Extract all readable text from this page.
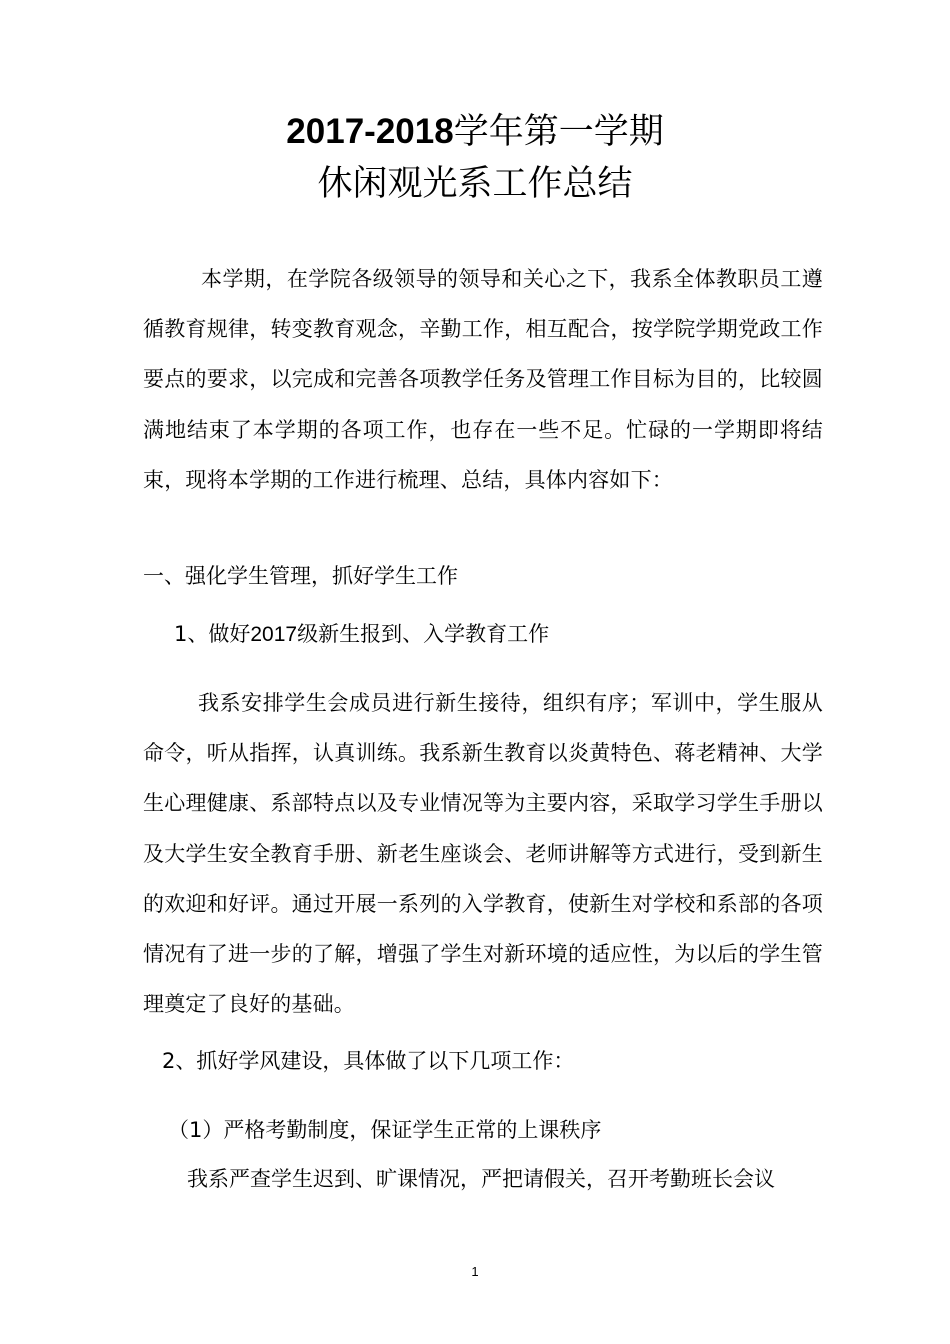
2017-2018学年第一学期
休闲观光系工作总结
本学期，在学院各级领导的领导和关心之下，我系全体教职员工遵循教育规律，转变教育观念，辛勤工作，相互配合，按学院学期党政工作要点的要求，以完成和完善各项教学任务及管理工作目标为目的，比较圆满地结束了本学期的各项工作，也存在一些不足。忙碌的一学期即将结束，现将本学期的工作进行梳理、总结，具体内容如下：
一、强化学生管理，抓好学生工作
1、做好2017级新生报到、入学教育工作
我系安排学生会成员进行新生接待，组织有序；军训中，学生服从命令，听从指挥，认真训练。我系新生教育以炎黄特色、蒋老精神、大学生心理健康、系部特点以及专业情况等为主要内容，采取学习学生手册以及大学生安全教育手册、新老生座谈会、老师讲解等方式进行，受到新生的欢迎和好评。通过开展一系列的入学教育，使新生对学校和系部的各项情况有了进一步的了解，增强了学生对新环境的适应性，为以后的学生管理奠定了良好的基础。
2、抓好学风建设，具体做了以下几项工作：
（1）严格考勤制度，保证学生正常的上课秩序
我系严查学生迟到、旷课情况，严把请假关，召开考勤班长会议
1
